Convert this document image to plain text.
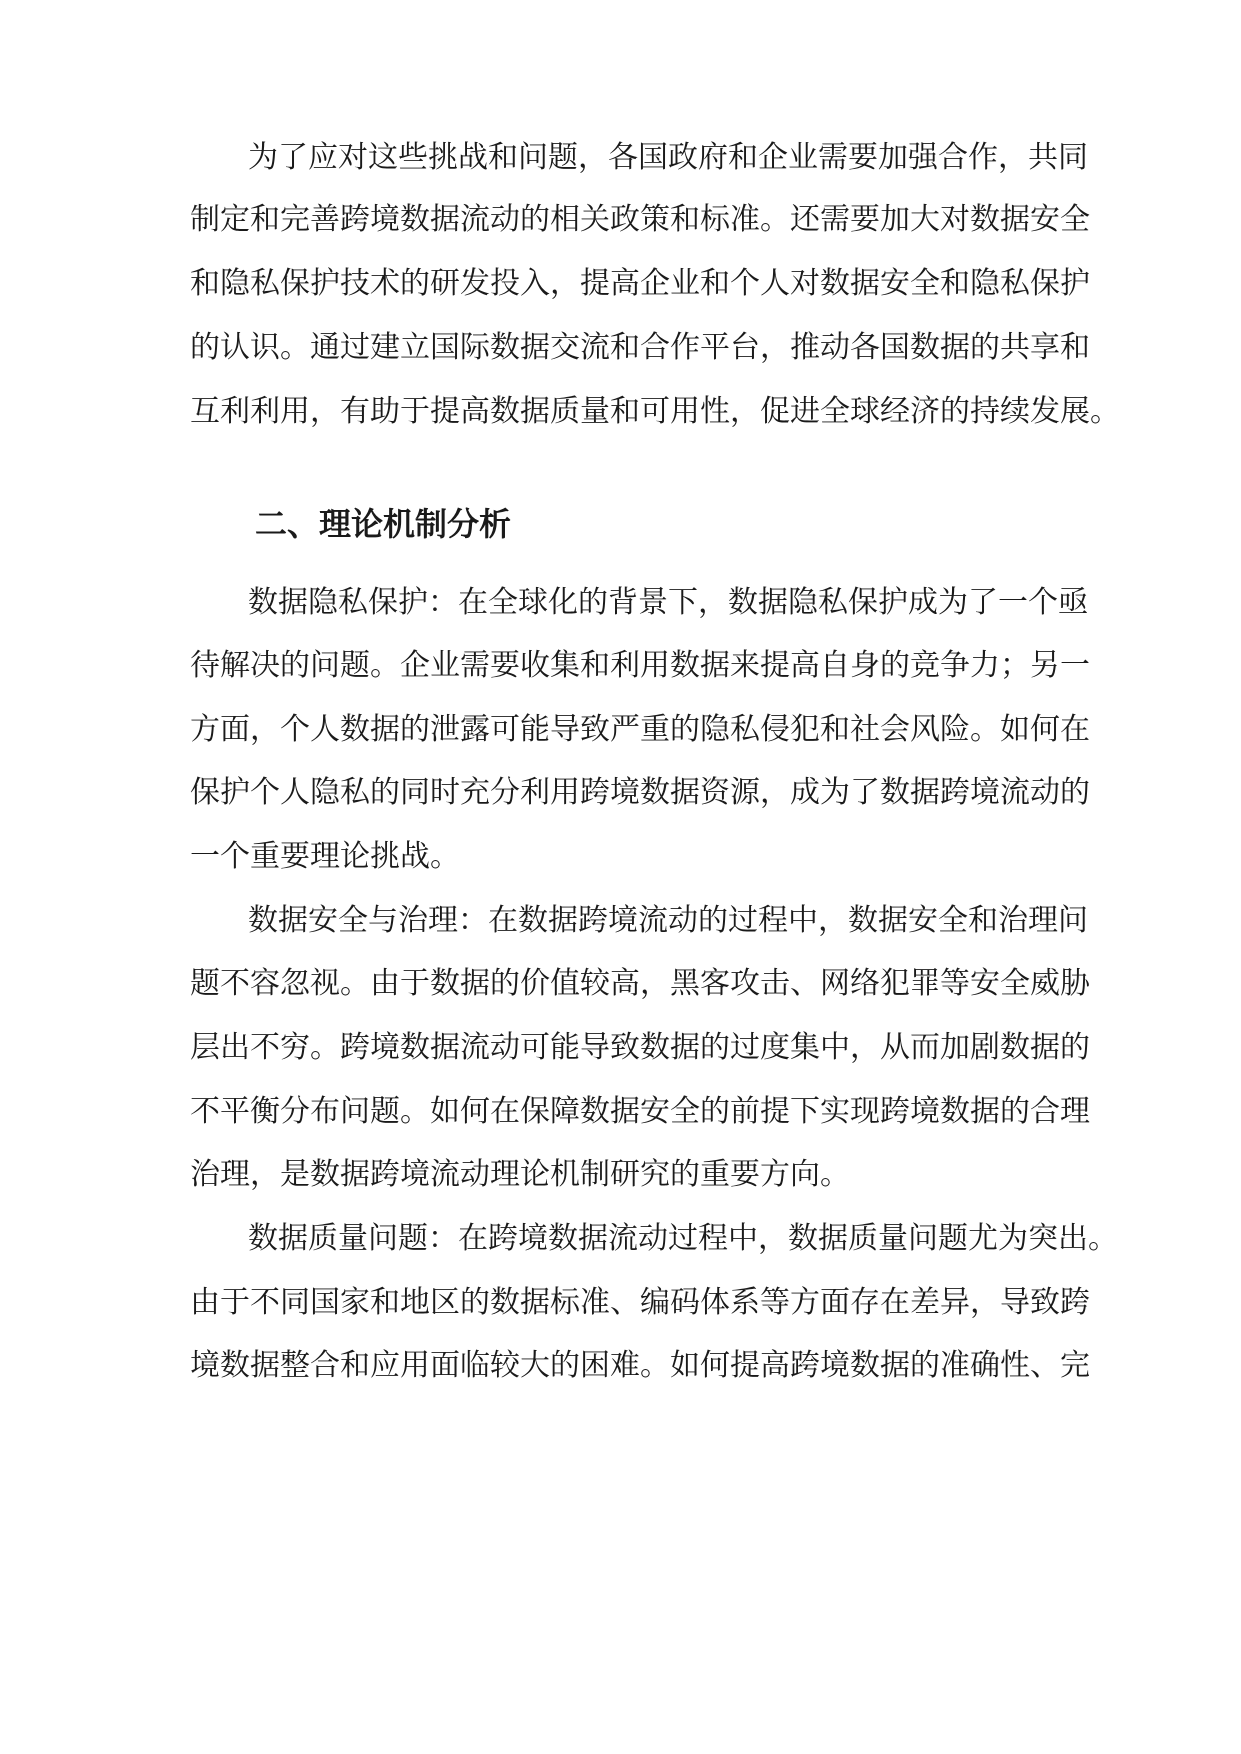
为了应对这些挑战和问题，各国政府和企业需要加强合作，共同
制定和完善跨境数据流动的相关政策和标准。还需要加大对数据安全
和隐私保护技术的研发投入，提高企业和个人对数据安全和隐私保护
的认识。通过建立国际数据交流和合作平台，推动各国数据的共享和
互利利用，有助于提高数据质量和可用性，促进全球经济的持续发展。
二、理论机制分析
数据隐私保护：在全球化的背景下，数据隐私保护成为了一个亟
待解决的问题。企业需要收集和利用数据来提高自身的竞争力；另一
方面，个人数据的泄露可能导致严重的隐私侵犯和社会风险。如何在
保护个人隐私的同时充分利用跨境数据资源，成为了数据跨境流动的
一个重要理论挑战。
数据安全与治理：在数据跨境流动的过程中，数据安全和治理问
题不容忽视。由于数据的价值较高，黑客攻击、网络犯罪等安全威胁
层出不穷。跨境数据流动可能导致数据的过度集中，从而加剧数据的
不平衡分布问题。如何在保障数据安全的前提下实现跨境数据的合理
治理，是数据跨境流动理论机制研究的重要方向。
数据质量问题：在跨境数据流动过程中，数据质量问题尤为突出。
由于不同国家和地区的数据标准、编码体系等方面存在差异，导致跨
境数据整合和应用面临较大的困难。如何提高跨境数据的准确性、完
